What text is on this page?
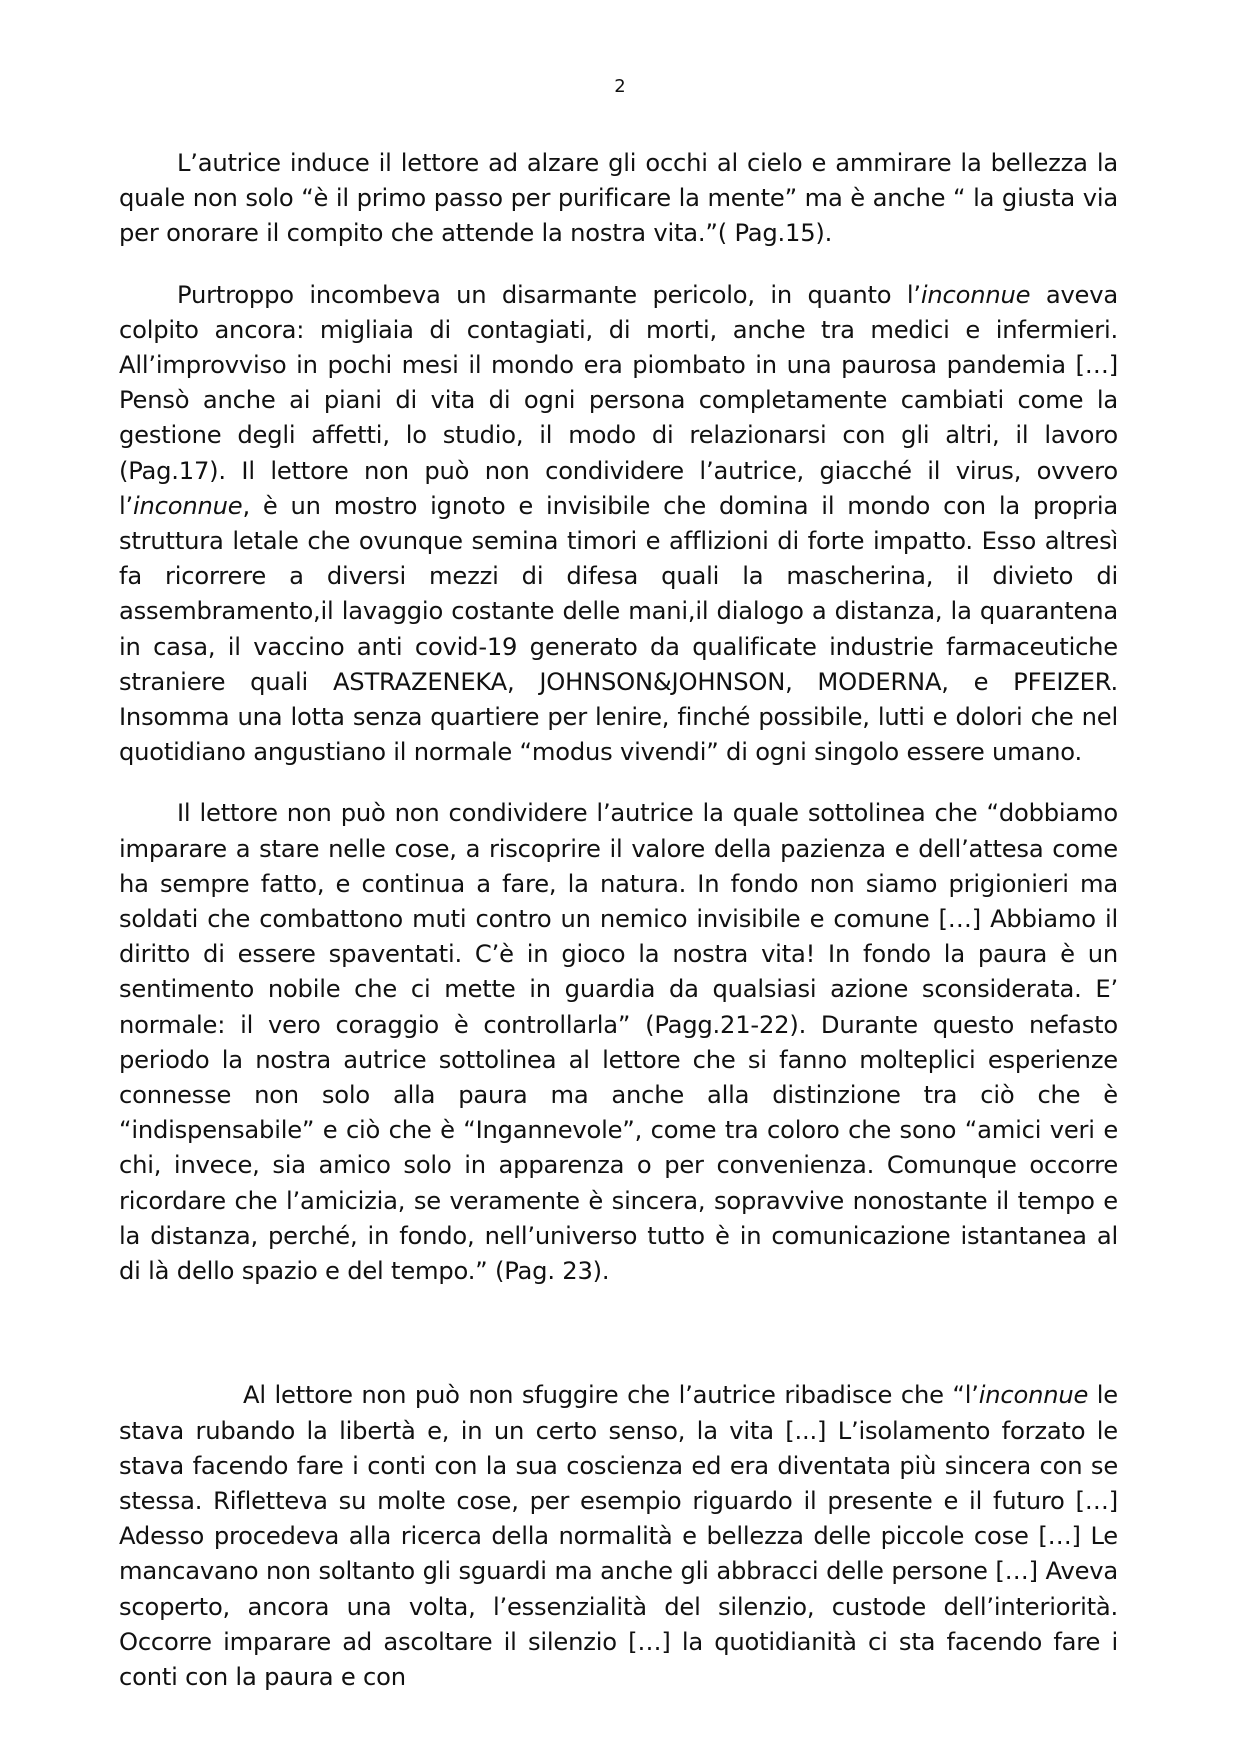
2

L’autrice induce il lettore ad alzare gli occhi al cielo e ammirare la bellezza la quale non solo “è il primo passo per purificare la mente” ma è anche “ la giusta via per onorare il compito che attende la nostra vita.”( Pag.15).

Purtroppo incombeva un disarmante pericolo, in quanto l’inconnue aveva colpito ancora: migliaia di contagiati, di morti, anche tra medici e infermieri. All’improvviso in pochi mesi il mondo era piombato in una paurosa pandemia […] Pensò anche ai piani di vita di ogni persona completamente cambiati come la gestione degli affetti, lo studio, il modo di relazionarsi con gli altri, il lavoro (Pag.17). Il lettore non può non condividere l’autrice, giacché il virus, ovvero l’inconnue, è un mostro ignoto e invisibile che domina il mondo con la propria struttura letale che ovunque semina timori e afflizioni di forte impatto. Esso altresì fa ricorrere a diversi mezzi di difesa quali la mascherina, il divieto di assembramento,il lavaggio costante delle mani,il dialogo a distanza, la quarantena in casa, il vaccino anti covid-19 generato da qualificate industrie farmaceutiche straniere quali ASTRAZENEKA, JOHNSON&JOHNSON, MODERNA, e PFEIZER. Insomma una lotta senza quartiere per lenire, finché possibile, lutti e dolori che nel quotidiano angustiano il normale “modus vivendi” di ogni singolo essere umano.

Il lettore non può non condividere l’autrice la quale sottolinea che “dobbiamo imparare a stare nelle cose, a riscoprire il valore della pazienza e dell’attesa come ha sempre fatto, e continua a fare, la natura. In fondo non siamo prigionieri ma soldati che combattono muti contro un nemico invisibile e comune […] Abbiamo il diritto di essere spaventati. C’è in gioco la nostra vita! In fondo la paura è un sentimento nobile che ci mette in guardia da qualsiasi azione sconsiderata. E’ normale: il vero coraggio è controllarla” (Pagg.21-22). Durante questo nefasto periodo la nostra autrice sottolinea al lettore che si fanno molteplici esperienze connesse non solo alla paura ma anche alla distinzione tra ciò che è “indispensabile” e ciò che è “Ingannevole”, come tra coloro che sono “amici veri e chi, invece, sia amico solo in apparenza o per convenienza. Comunque occorre ricordare che l’amicizia, se veramente è sincera, sopravvive nonostante il tempo e la distanza, perché, in fondo, nell’universo tutto è in comunicazione istantanea al di là dello spazio e del tempo.” (Pag. 23).

Al lettore non può non sfuggire che l’autrice ribadisce che “l’inconnue le stava rubando la libertà e, in un certo senso, la vita [...] L’isolamento forzato le stava facendo fare i conti con la sua coscienza ed era diventata più sincera con se stessa. Rifletteva su molte cose, per esempio riguardo il presente e il futuro […] Adesso procedeva alla ricerca della normalità e bellezza delle piccole cose […] Le mancavano non soltanto gli sguardi ma anche gli abbracci delle persone […] Aveva scoperto, ancora una volta, l’essenzialità del silenzio, custode dell’interiorità. Occorre imparare ad ascoltare il silenzio […] la quotidianità ci sta facendo fare i conti con la paura e con
